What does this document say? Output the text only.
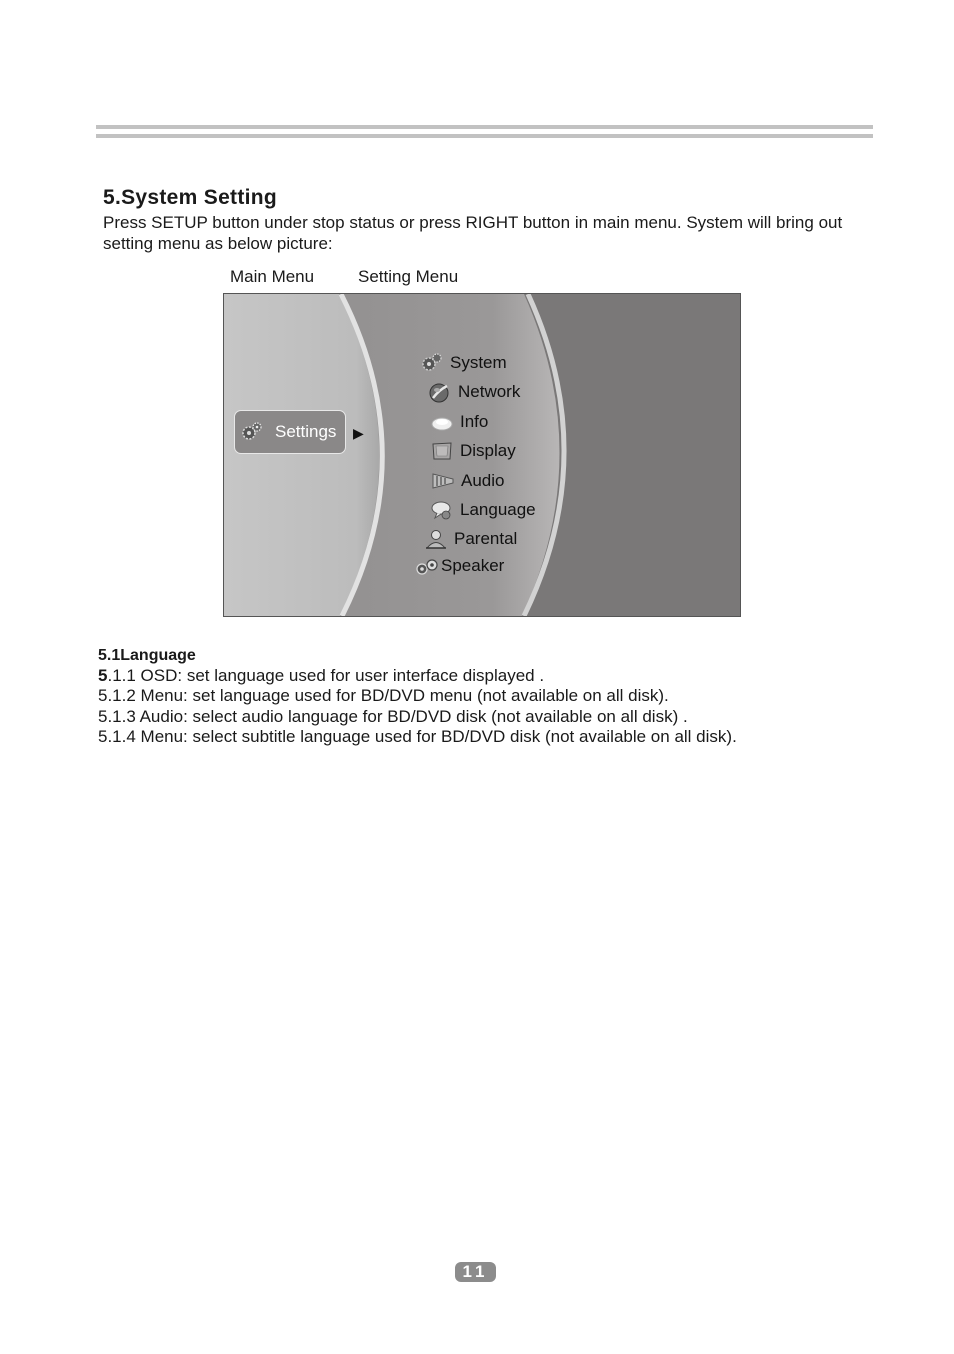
5.System Setting
Press SETUP button under stop status or press RIGHT button in main menu. System will bring out setting menu as below picture:
Main Menu	Setting Menu
Settings ▶
System
Network
Info
Display
Audio
Language
Parental
Speaker
5.1Language
5.1.1 OSD: set language used for user interface displayed .
5.1.2 Menu: set language used for BD/DVD menu (not available on all disk).
5.1.3 Audio: select audio language for BD/DVD disk (not available on all disk) .
5.1.4 Menu: select subtitle language used for BD/DVD disk (not available on all disk).
11
